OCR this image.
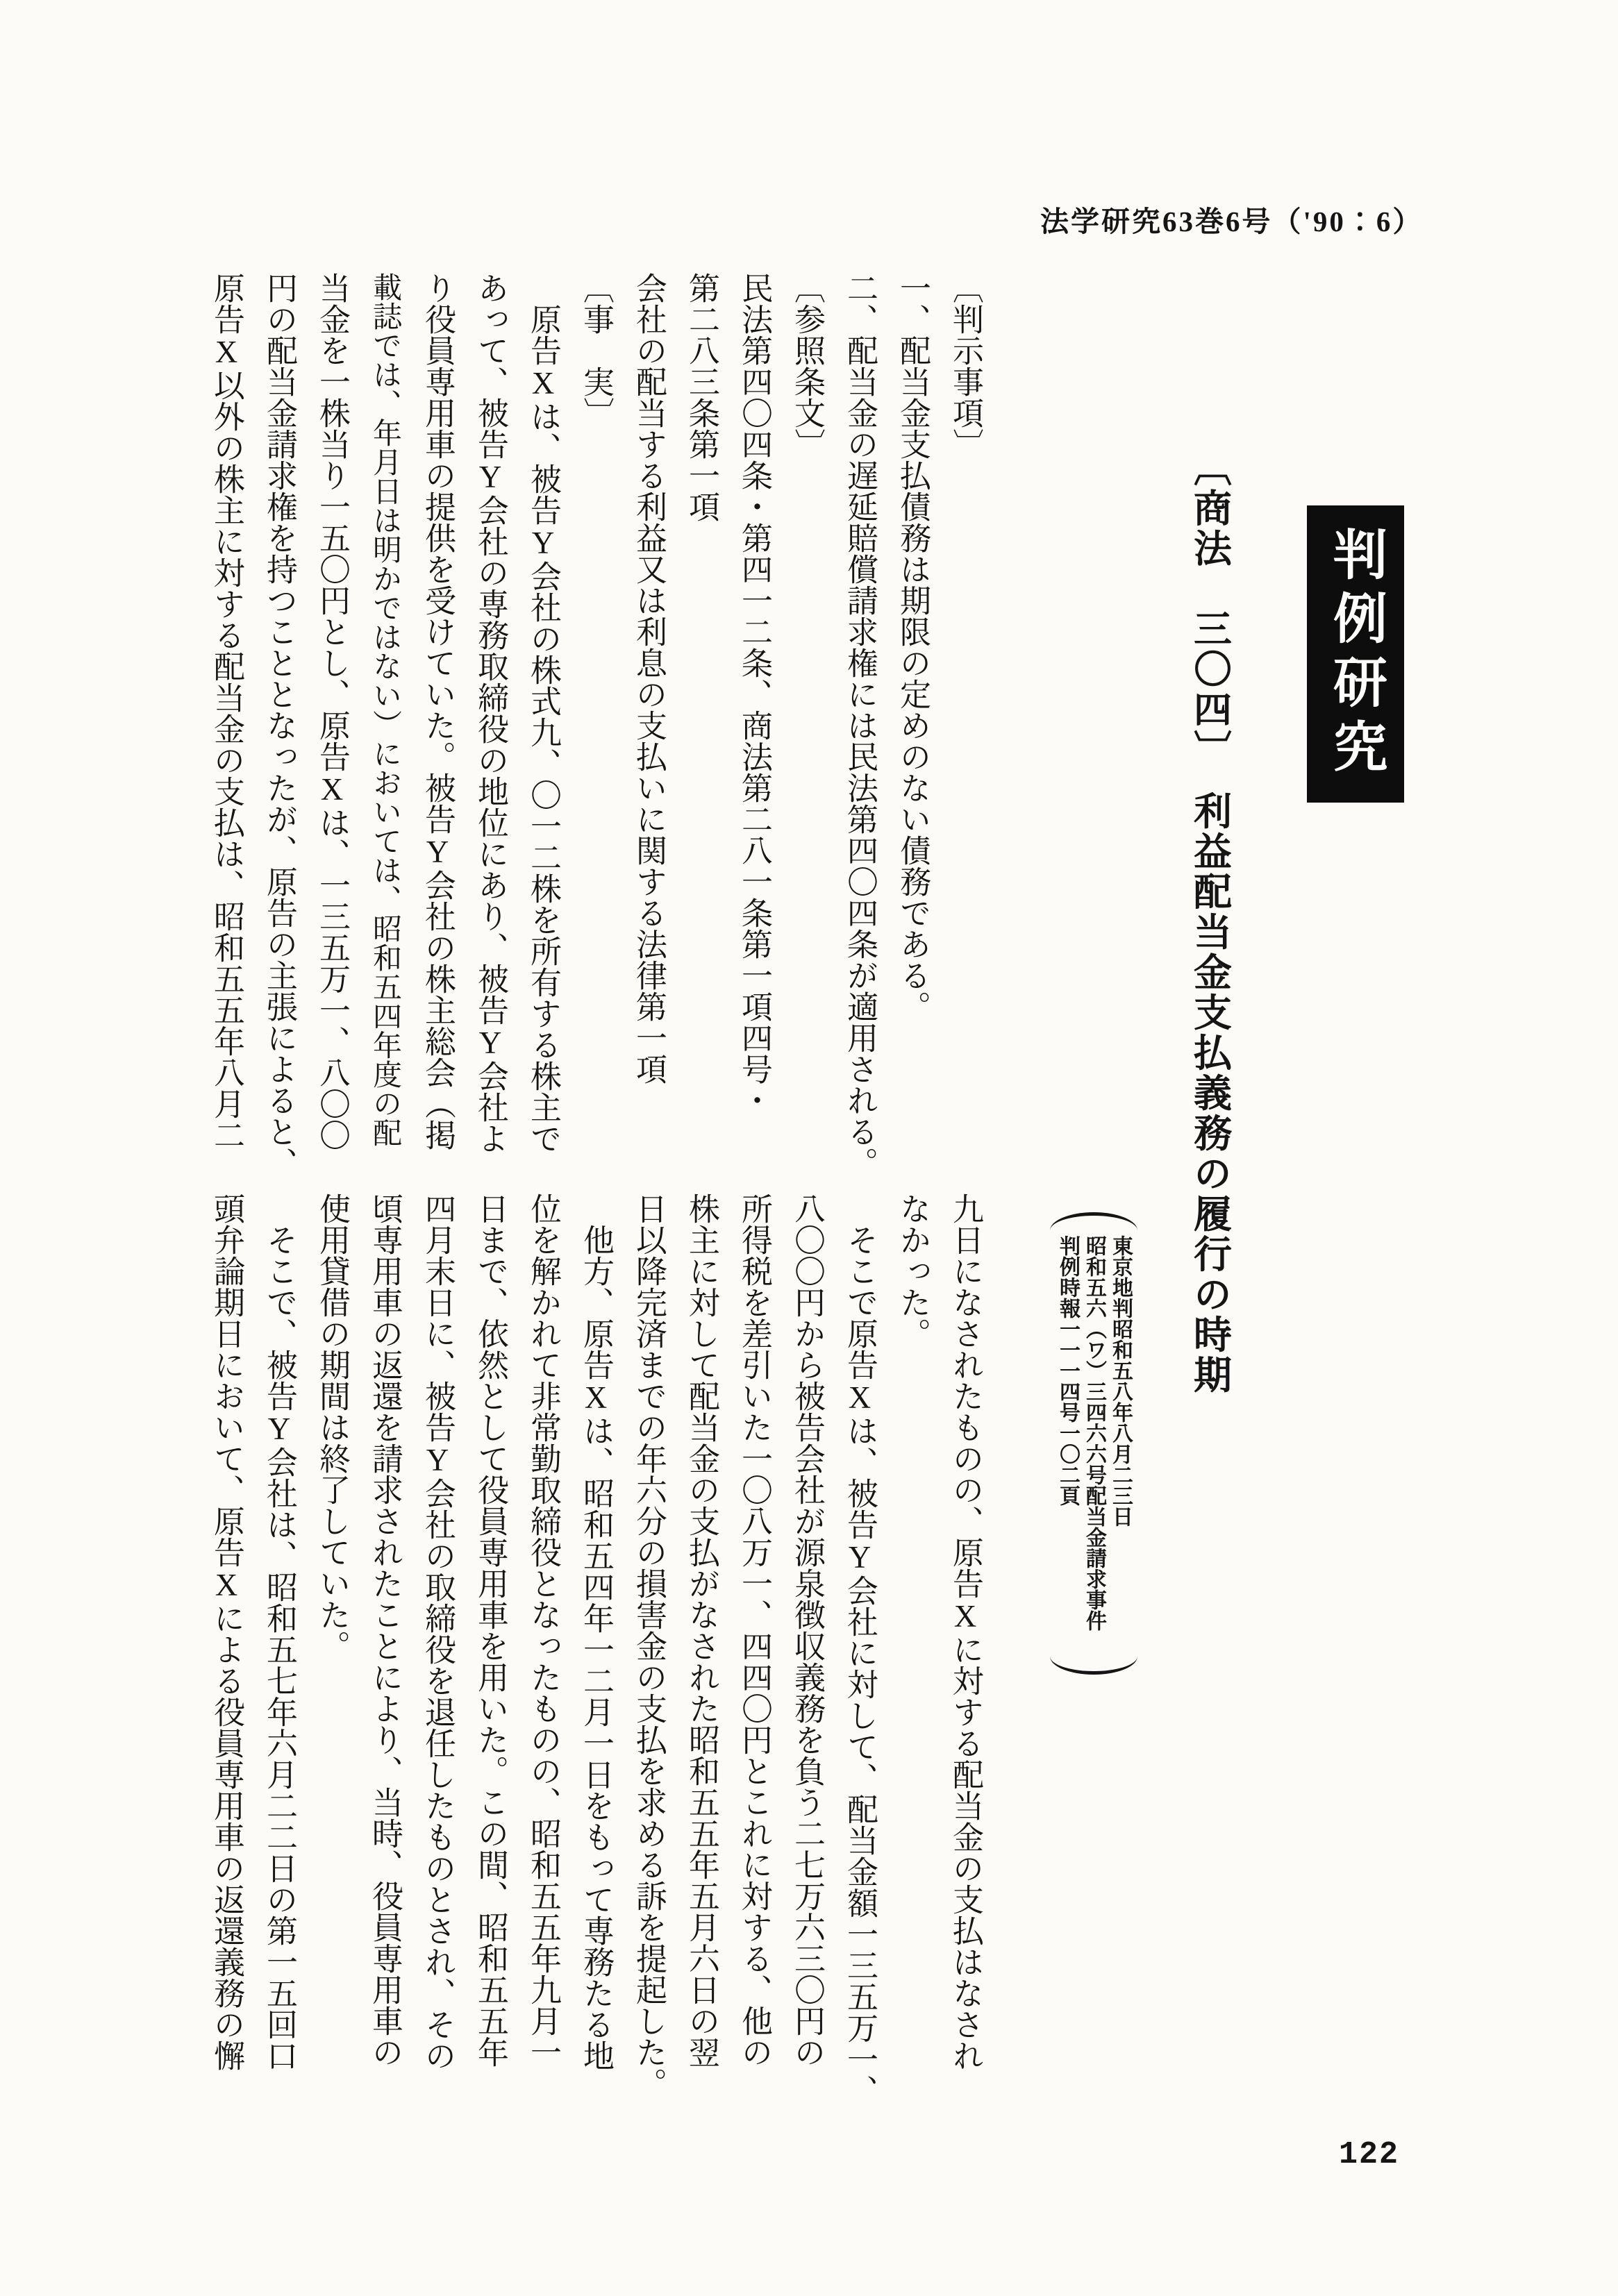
法学研究63巻6号（'90：6）
判例研究
〔商法　三〇四〕　利益配当金支払義務の履行の時期
東京地判昭和五八年八月二三日
昭和五六（ワ）三四六六号配当金請求事件
判例時報一一一四号一〇二頁
〔判示事項〕
一、配当金支払債務は期限の定めのない債務である。
二、配当金の遅延賠償請求権には民法第四〇四条が適用される。
〔参照条文〕
民法第四〇四条・第四一二条、商法第二八一条第一項四号・
第二八三条第一項
会社の配当する利益又は利息の支払いに関する法律第一項
〔事　実〕
原告Xは、被告Y会社の株式九、〇一二株を所有する株主で
あって、被告Y会社の専務取締役の地位にあり、被告Y会社よ
り役員専用車の提供を受けていた。被告Y会社の株主総会（掲
載誌では、年月日は明かではない）においては、昭和五四年度の配
当金を一株当り一五〇円とし、原告Xは、一三五万一、八〇〇
円の配当金請求権を持つこととなったが、原告の主張によると、
原告X以外の株主に対する配当金の支払は、昭和五五年八月二
九日になされたものの、原告Xに対する配当金の支払はなされ
なかった。
そこで原告Xは、被告Y会社に対して、配当金額一三五万一、
八〇〇円から被告会社が源泉徴収義務を負う二七万六三〇円の
所得税を差引いた一〇八万一、四四〇円とこれに対する、他の
株主に対して配当金の支払がなされた昭和五五年五月六日の翌
日以降完済までの年六分の損害金の支払を求める訴を提起した。
他方、原告Xは、昭和五四年一二月一日をもって専務たる地
位を解かれて非常勤取締役となったものの、昭和五五年九月一
日まで、依然として役員専用車を用いた。この間、昭和五五年
四月末日に、被告Y会社の取締役を退任したものとされ、その
頃専用車の返還を請求されたことにより、当時、役員専用車の
使用貸借の期間は終了していた。
そこで、被告Y会社は、昭和五七年六月二二日の第一五回口
頭弁論期日において、原告Xによる役員専用車の返還義務の懈
122
